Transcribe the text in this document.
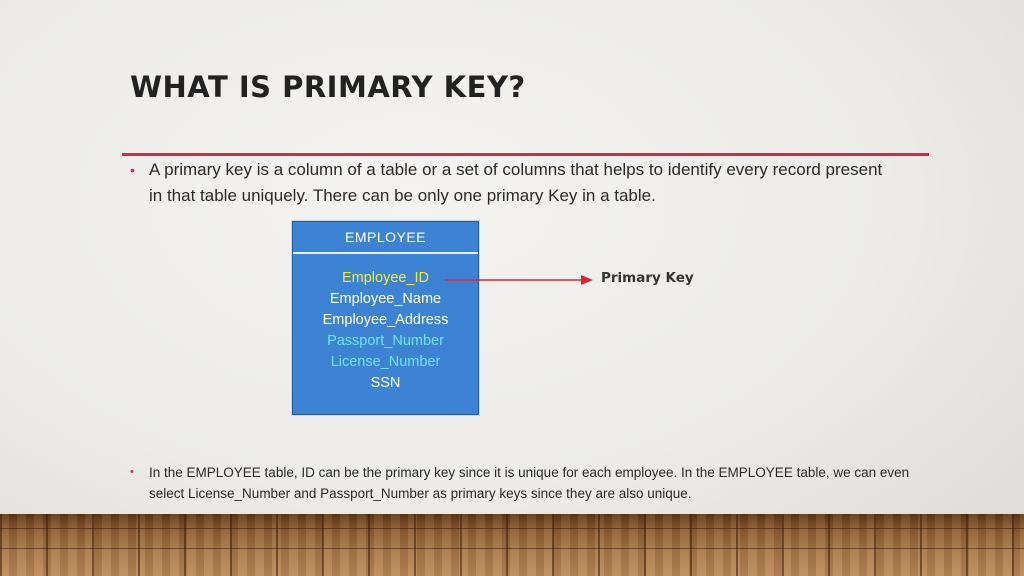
WHAT IS PRIMARY KEY?
• A primary key is a column of a table or a set of columns that helps to identify every record present in that table uniquely. There can be only one primary Key in a table.
EMPLOYEE
Employee_ID
Employee_Name
Employee_Address
Passport_Number
License_Number
SSN
Primary Key
•	In the EMPLOYEE table, ID can be the primary key since it is unique for each employee. In the EMPLOYEE table, we can even select License_Number and Passport_Number as primary keys since they are also unique.
